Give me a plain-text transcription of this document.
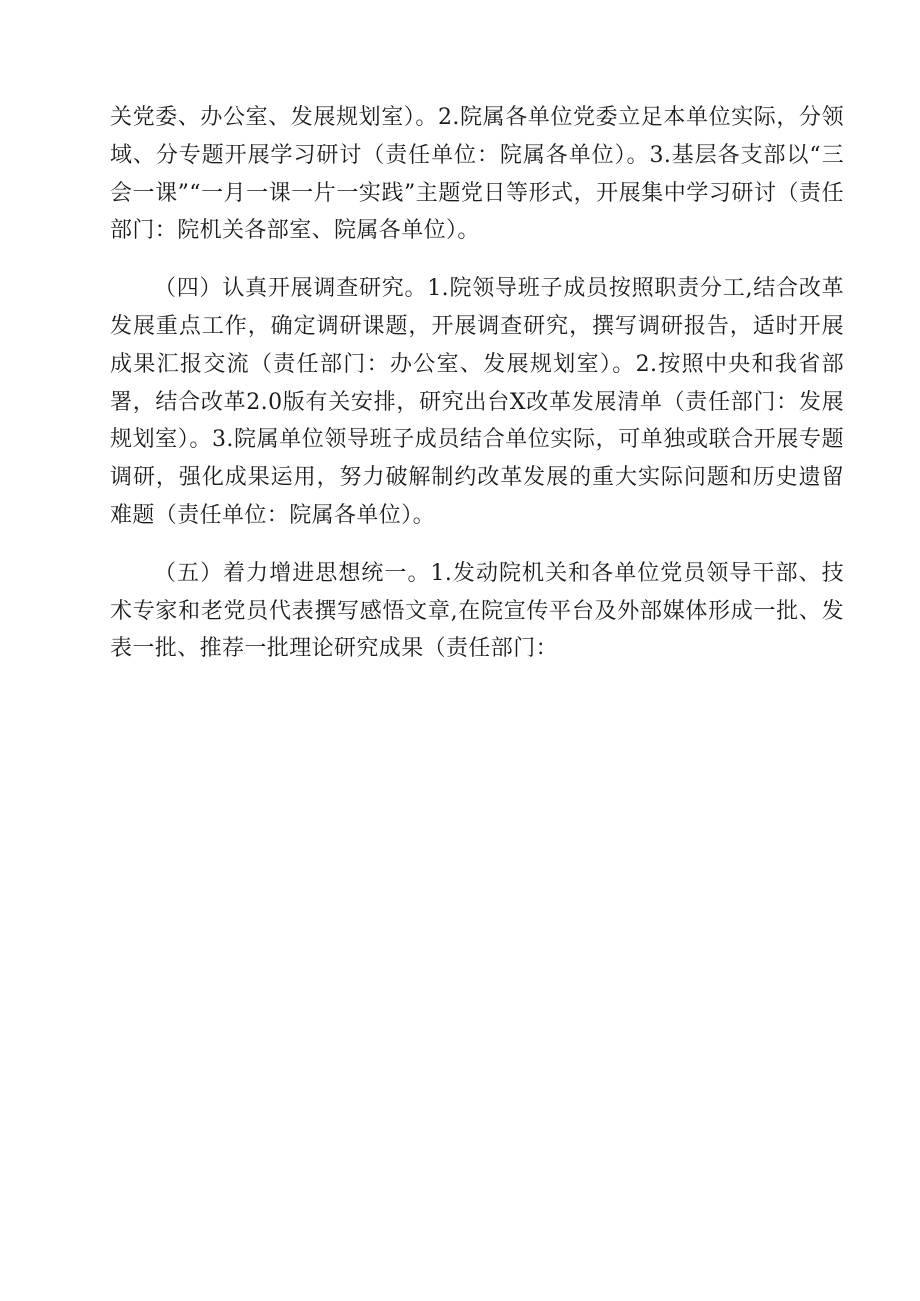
关党委、办公室、发展规划室）。2.院属各单位党委立足本单位实际，分领域、分专题开展学习研讨（责任单位：院属各单位）。3.基层各支部以“三会一课”“一月一课一片一实践”主题党日等形式，开展集中学习研讨（责任部门：院机关各部室、院属各单位）。

（四）认真开展调查研究。1.院领导班子成员按照职责分工,结合改革发展重点工作，确定调研课题，开展调查研究，撰写调研报告，适时开展成果汇报交流（责任部门：办公室、发展规划室）。2.按照中央和我省部署，结合改革2.0版有关安排，研究出台X改革发展清单（责任部门：发展规划室）。3.院属单位领导班子成员结合单位实际，可单独或联合开展专题调研，强化成果运用，努力破解制约改革发展的重大实际问题和历史遗留难题（责任单位：院属各单位）。

（五）着力增进思想统一。1.发动院机关和各单位党员领导干部、技术专家和老党员代表撰写感悟文章,在院宣传平台及外部媒体形成一批、发表一批、推荐一批理论研究成果（责任部门：
